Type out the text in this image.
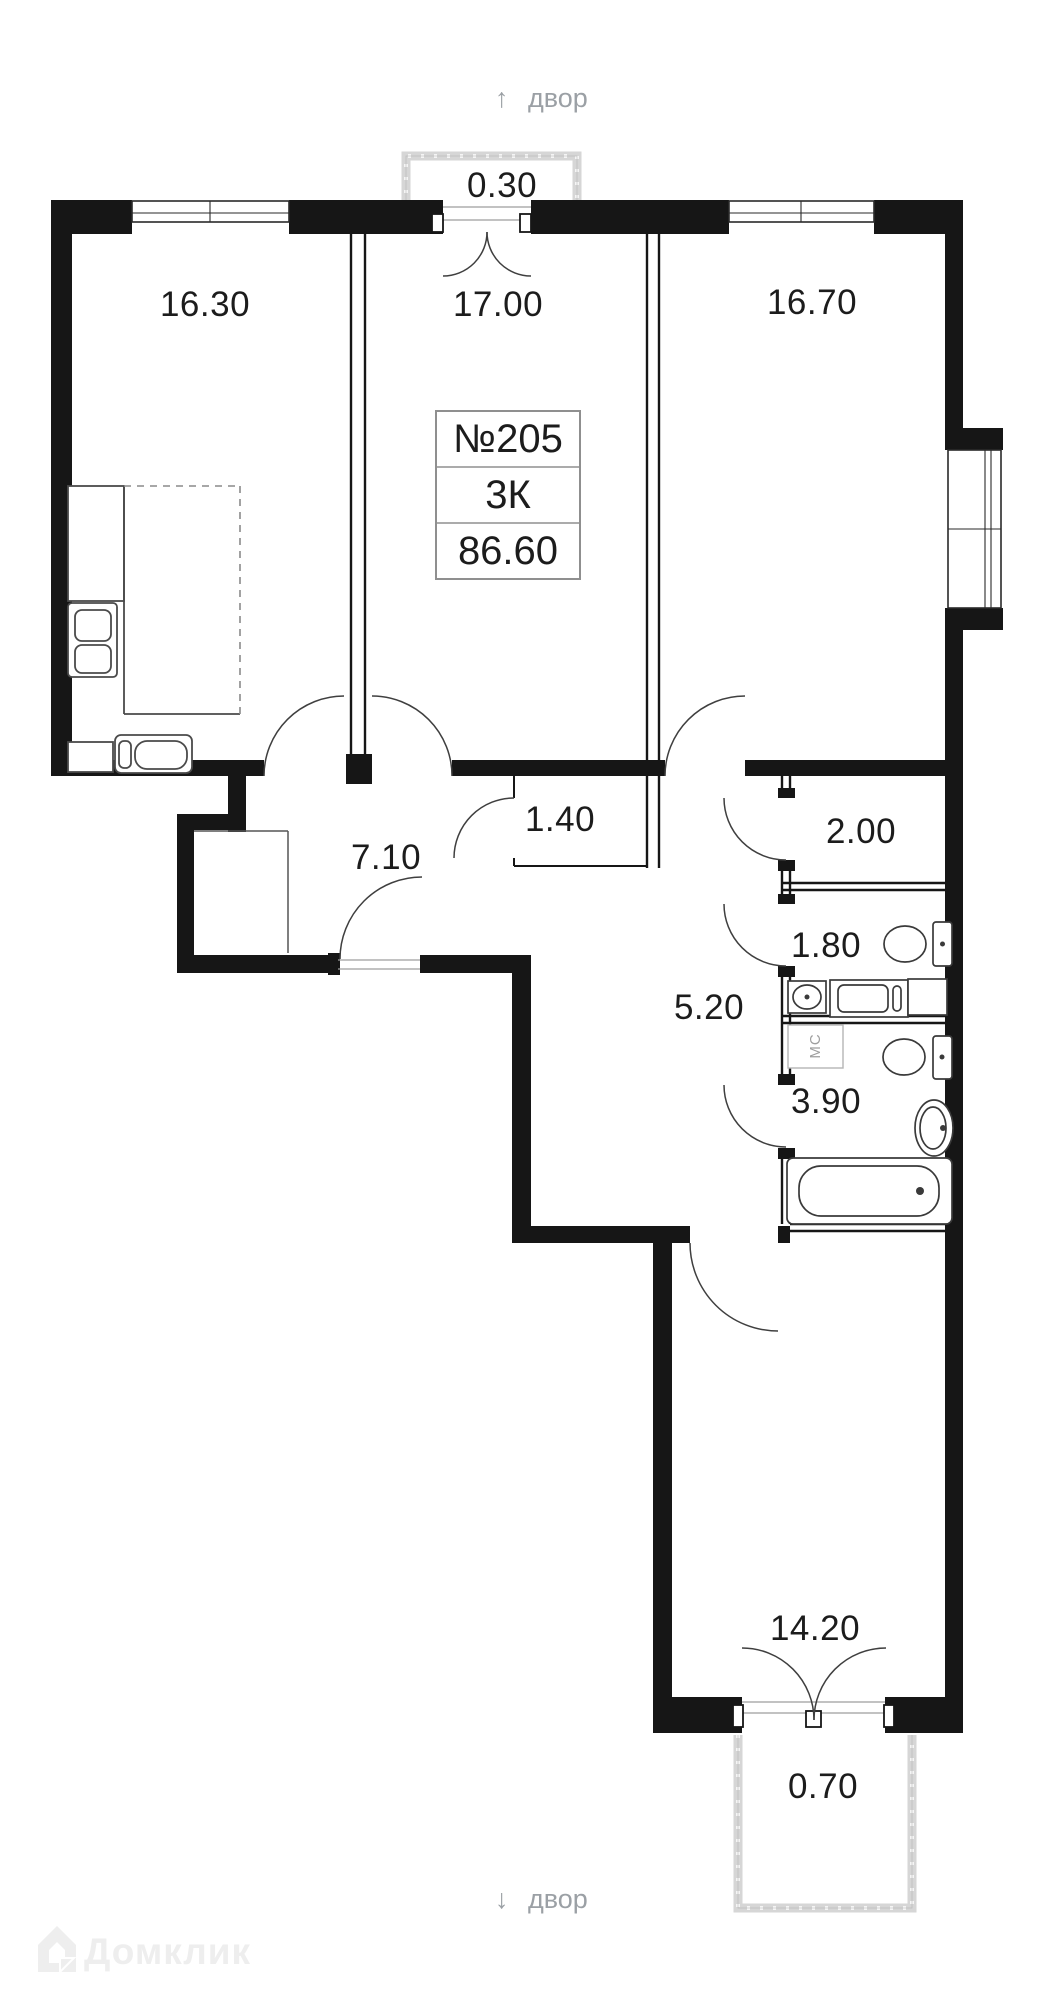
№205
3К
86.60
16.30	17.00	16.70
0.30
7.10
1.40	2.00
1.80
5.20
3.90
14.20
0.70
МС
↑ двор
↓ двор
Домклик
